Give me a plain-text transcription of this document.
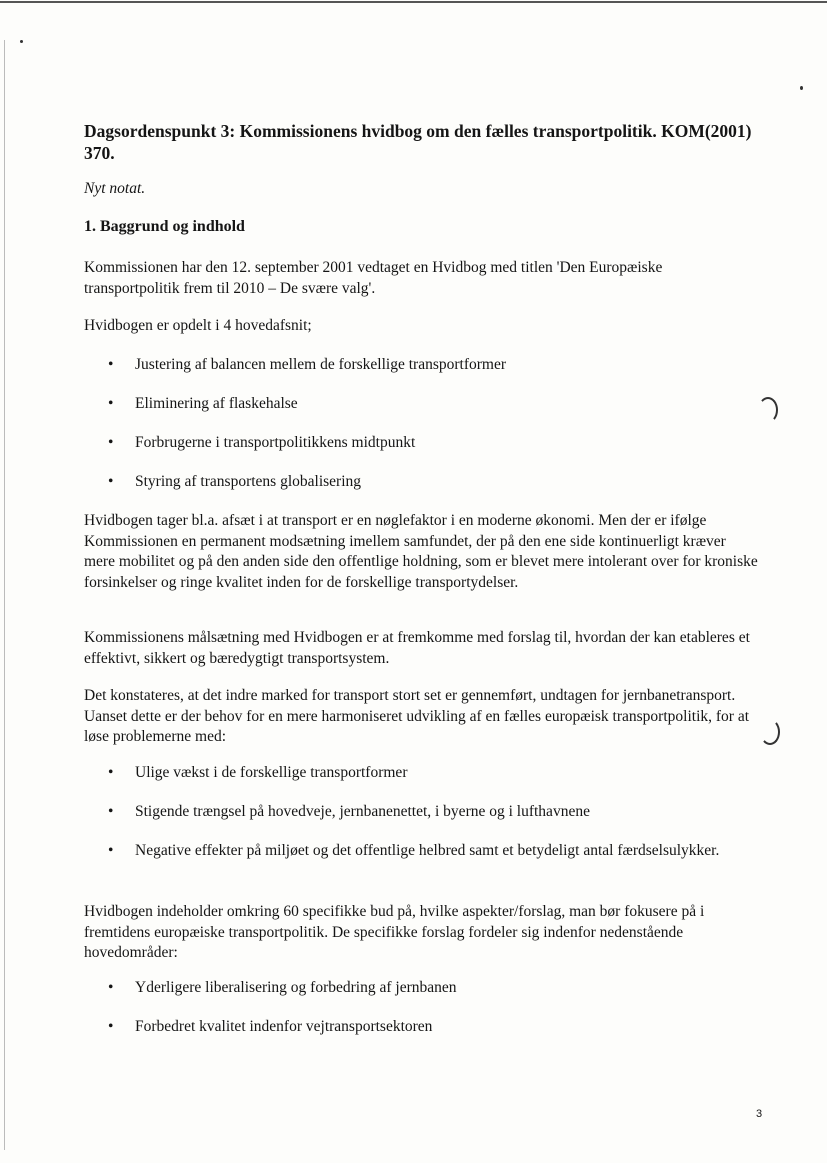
Dagsordenspunkt 3: Kommissionens hvidbog om den fælles transportpolitik. KOM(2001) 370.

Nyt notat.

1. Baggrund og indhold

Kommissionen har den 12. september 2001 vedtaget en Hvidbog med titlen 'Den Europæiske transportpolitik frem til 2010 – De svære valg'.

Hvidbogen er opdelt i 4 hovedafsnit;

• Justering af balancen mellem de forskellige transportformer
• Eliminering af flaskehalse
• Forbrugerne i transportpolitikkens midtpunkt
• Styring af transportens globalisering

Hvidbogen tager bl.a. afsæt i at transport er en nøglefaktor i en moderne økonomi. Men der er ifølge Kommissionen en permanent modsætning imellem samfundet, der på den ene side kontinuerligt kræver mere mobilitet og på den anden side den offentlige holdning, som er blevet mere intolerant over for kroniske forsinkelser og ringe kvalitet inden for de forskellige transportydelser.

Kommissionens målsætning med Hvidbogen er at fremkomme med forslag til, hvordan der kan etableres et effektivt, sikkert og bæredygtigt transportsystem.

Det konstateres, at det indre marked for transport stort set er gennemført, undtagen for jernbanetransport. Uanset dette er der behov for en mere harmoniseret udvikling af en fælles europæisk transportpolitik, for at løse problemerne med:

• Ulige vækst i de forskellige transportformer
• Stigende trængsel på hovedveje, jernbanenettet, i byerne og i lufthavnene
• Negative effekter på miljøet og det offentlige helbred samt et betydeligt antal færdselsulykker.

Hvidbogen indeholder omkring 60 specifikke bud på, hvilke aspekter/forslag, man bør fokusere på i fremtidens europæiske transportpolitik. De specifikke forslag fordeler sig indenfor nedenstående hovedområder:

• Yderligere liberalisering og forbedring af jernbanen
• Forbedret kvalitet indenfor vejtransportsektoren
3
